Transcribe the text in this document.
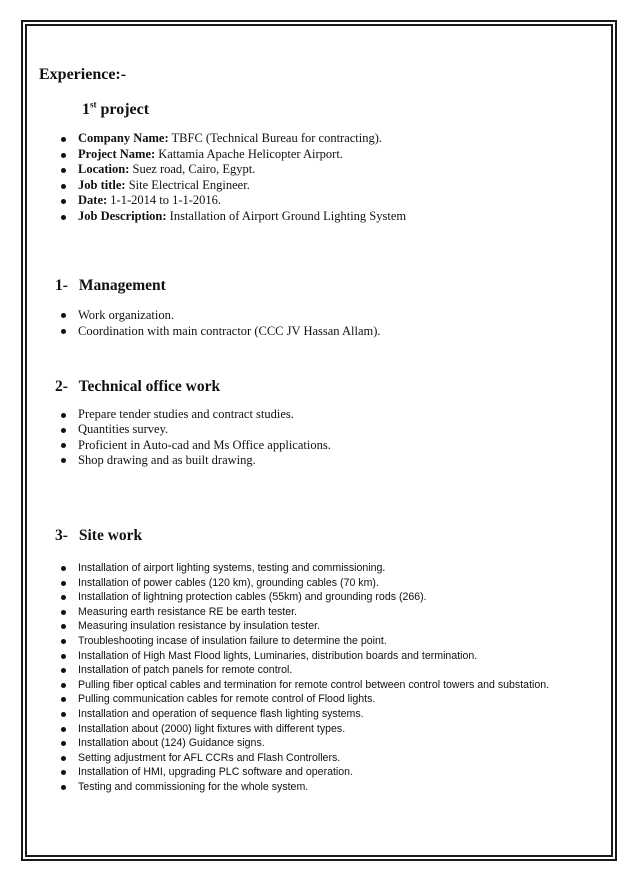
Experience:-
1st project
Company Name: TBFC (Technical Bureau for contracting).
Project Name: Kattamia Apache Helicopter Airport.
Location: Suez road, Cairo, Egypt.
Job title: Site Electrical Engineer.
Date: 1-1-2014 to 1-1-2016.
Job Description: Installation of Airport Ground Lighting System
1- Management
Work organization.
Coordination with main contractor (CCC JV Hassan Allam).
2- Technical office work
Prepare tender studies and contract studies.
Quantities survey.
Proficient in Auto-cad and Ms Office applications.
Shop drawing and as built drawing.
3- Site work
Installation of airport lighting systems, testing and commissioning.
Installation of power cables (120 km), grounding cables (70 km).
Installation of lightning protection cables (55km) and grounding rods (266).
Measuring earth resistance RE be earth tester.
Measuring insulation resistance by insulation tester.
Troubleshooting incase of insulation failure to determine the point.
Installation of High Mast Flood lights, Luminaries, distribution boards and termination.
Installation of patch panels for remote control.
Pulling fiber optical cables and termination for remote control between control towers and substation.
Pulling communication cables for remote control of Flood lights.
Installation and operation of sequence flash lighting systems.
Installation about (2000) light fixtures with different types.
Installation about (124) Guidance signs.
Setting adjustment for AFL CCRs and Flash Controllers.
Installation of HMI, upgrading PLC software and operation.
Testing and commissioning for the whole system.
